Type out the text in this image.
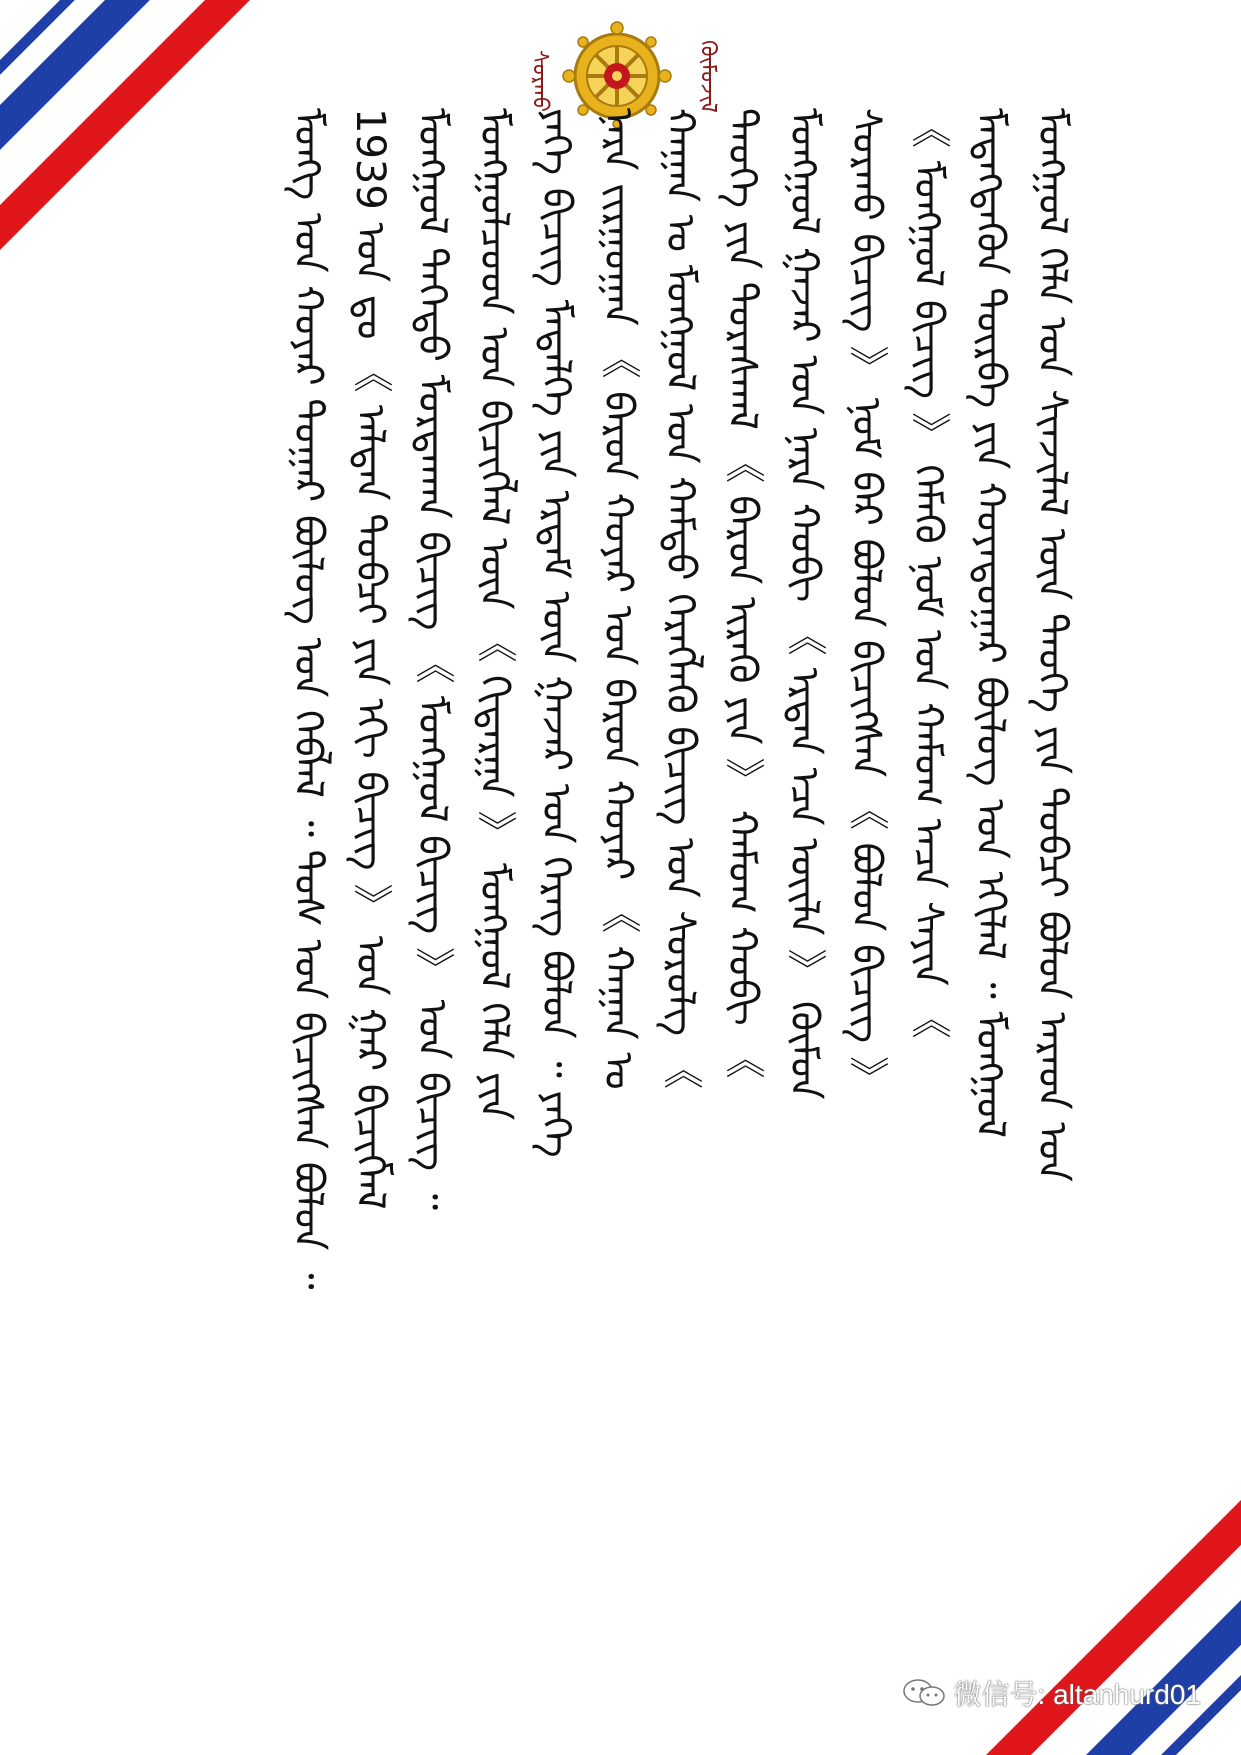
ᠰᠤᠷᠬᠤ	ᠬᠦᠮᠦᠵᠢᠯ
ᠮᠣᠩᠭᠣᠯ ᠬᠡᠯᠡ ᠤᠨ ᠰᠢᠨᠵᠢᠯᠡᠯ ᠦᠨ ᠲᠡᠦᠬᠡ ᠶᠢᠨ ᠲᠣᠪᠴᠢ ᠪᠣᠯᠤᠨ ᠠᠷᠠᠳ ᠤᠨ
ᠮᠡᠳᠡᠭᠳᠡᠬᠦᠨ ᠳᠦᠷᠪᠡ ᠶᠢᠨ ᠬᠣᠶᠠᠳᠤᠭᠠᠷ ᠪᠦᠯᠦᠭ ᠤᠨ ᠡᠬᠢᠯᠡᠯ ᠃ ᠮᠣᠩᠭᠣᠯ
《 ᠮᠣᠩᠭᠣᠯ ᠪᠢᠴᠢᠭ 》 ᠬᠡᠮᠡᠬᠦ ᠨᠣᠮ ᠤᠨ ᠬᠠᠮᠤᠭ ᠠᠴᠠ ᠰᠠᠶᠢᠨ 《
ᠰᠤᠷᠬᠤ ᠪᠢᠴᠢᠭ 》 ᠨᠣᠮ ᠪᠠᠷ ᠪᠤᠯᠤᠨ ᠪᠢᠴᠢᠭᠰᠡᠨ 《 ᠪᠤᠯᠤᠨ ᠪᠢᠴᠢᠭ 》
ᠮᠣᠩᠭᠣᠯ ᠭᠠᠵᠠᠷ ᠤᠨ ᠨᠡᠷᠡ ᠬᠤᠪᠢ 《 ᠡᠷᠲᠡᠨ ᠡᠴᠡ ᠦᠢᠯᠡ 》 ᠬᠦᠮᠦᠨ
ᠲᠡᠦᠬᠡ ᠶᠢᠨ ᠳᠤᠷᠠᠰᠬᠠᠯ 《 ᠪᠠᠷᠤᠨ ᠢᠷᠡᠬᠦ ᠶᠢᠨ 》 ᠬᠠᠮᠤᠭ ᠬᠤᠪᠢ 《
ᠬᠠᠭᠠᠨ ᠤ ᠮᠣᠩᠭᠣᠯ ᠤᠨ ᠬᠠᠮᠲᠤ ᠬᠡᠷᠡᠭᠯᠡᠬᠦ ᠪᠢᠴᠢᠭ ᠤᠨ ᠰᠤᠷᠤᠯᠭ 《
ᠨᠡᠷᠡ ᠵᠢᠷᠭᠤᠭᠠᠨ 《 ᠪᠠᠷᠤᠨ ᠬᠣᠶᠠᠷ ᠤᠨ ᠪᠠᠷᠤᠨ ᠬᠣᠶᠠᠷ 《 ᠬᠠᠭᠠᠨ ᠤ
ᠶᠡᠬᠡ ᠪᠢᠴᠢᠭ ᠮᠡᠳᠡᠯᠭᠡ ᠶᠢᠨ ᠡᠷᠳᠡᠮ ᠦᠨ ᠭᠠᠵᠠᠷ ᠤᠨ ᠬᠡᠷᠡᠭ ᠪᠣᠯᠣᠨ ᠃ ᠶᠡᠬᠡ
ᠮᠣᠩᠭᠣᠯᠴᠤᠳ ᠤᠨ ᠪᠢᠴᠢᠭᠯᠡᠯ ᠦᠨ 《 ᠬᠢᠳᠠᠷᠭᠠ 》 ᠮᠣᠩᠭᠣᠯ ᠬᠡᠯᠡ ᠶᠢᠨ
ᠮᠣᠩᠭᠣᠯ ᠳᠡᠭᠡᠳᠦ ᠮᠤᠷᠳᠠᠬᠠᠨ ᠪᠢᠴᠢᠭ 《 ᠮᠣᠩᠭᠣᠯ ᠪᠢᠴᠢᠭ 》 ᠤᠨ ᠪᠢᠴᠢᠭ ᠃
1939 ᠣᠨ ᠳᠤ 《 ᠠᠯᠲᠠᠨ ᠲᠣᠪᠴᠢ ᠶᠢᠨ ᠡᠬᠢ ᠪᠢᠴᠢᠭ 》 ᠤᠨ ᠭᠠᠷ ᠪᠢᠴᠢᠭᠮᠡᠯ
ᠮᠤᠩᠭ ᠤᠨ ᠬᠣᠶᠠᠷ ᠳᠤᠭᠠᠷ ᠪᠦᠯᠦᠭ ᠤᠨ ᠬᠡᠪᠯᠡᠯ ᠃ ᠲᠤᠰ ᠤᠨ ᠪᠢᠴᠢᠭᠰᠡᠨ ᠪᠣᠯᠤᠨ ᠃
微信号: altanhurd01
